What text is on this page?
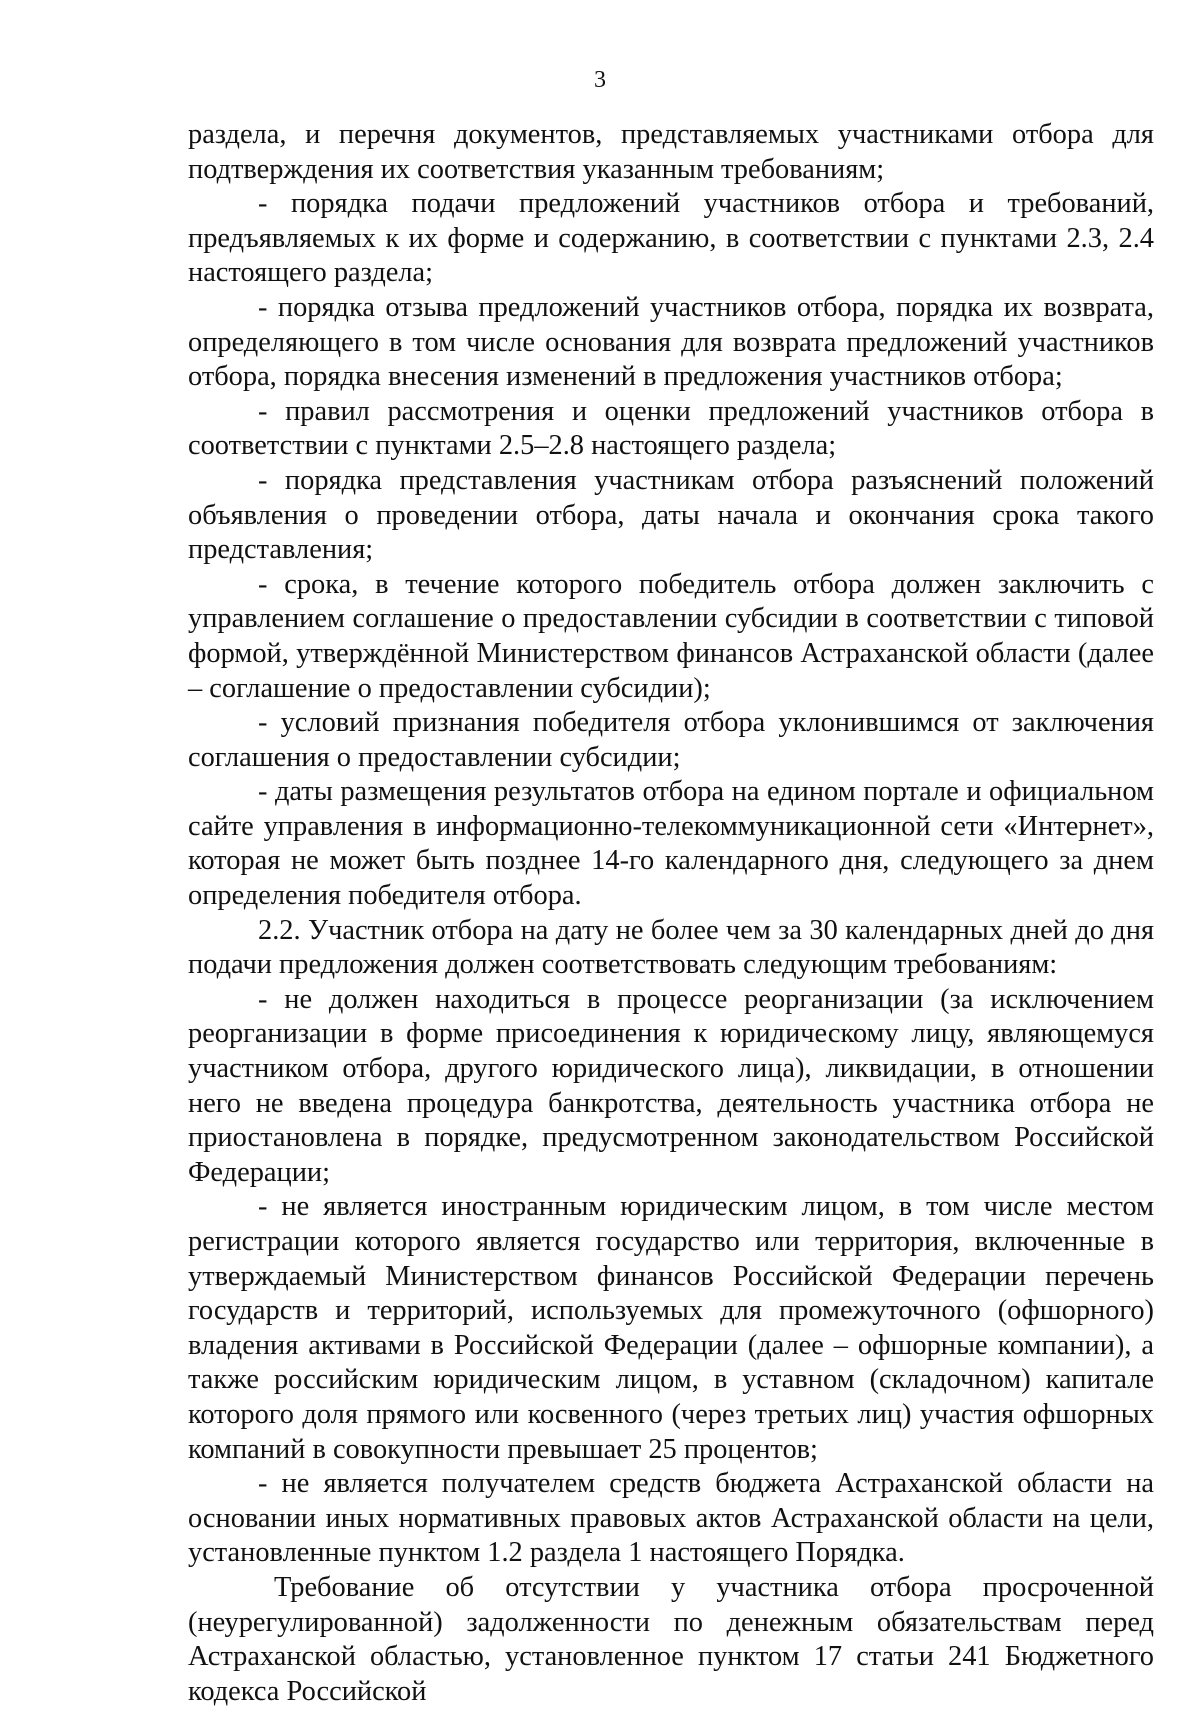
3

раздела, и перечня документов, представляемых участниками отбора для подтверждения их соответствия указанным требованиям;

- порядка подачи предложений участников отбора и требований, предъявляемых к их форме и содержанию, в соответствии с пунктами 2.3, 2.4 настоящего раздела;

- порядка отзыва предложений участников отбора, порядка их возврата, определяющего в том числе основания для возврата предложений участников отбора, порядка внесения изменений в предложения участников отбора;

- правил рассмотрения и оценки предложений участников отбора в соответствии с пунктами 2.5–2.8 настоящего раздела;

- порядка представления участникам отбора разъяснений положений объявления о проведении отбора, даты начала и окончания срока такого представления;

- срока, в течение которого победитель отбора должен заключить с управлением соглашение о предоставлении субсидии в соответствии с типовой формой, утверждённой Министерством финансов Астраханской области (далее – соглашение о предоставлении субсидии);

- условий признания победителя отбора уклонившимся от заключения соглашения о предоставлении субсидии;

- даты размещения результатов отбора на едином портале и официальном сайте управления в информационно-телекоммуникационной сети «Интернет», которая не может быть позднее 14-го календарного дня, следующего за днем определения победителя отбора.

2.2. Участник отбора на дату не более чем за 30 календарных дней до дня подачи предложения должен соответствовать следующим требованиям:

- не должен находиться в процессе реорганизации (за исключением реорганизации в форме присоединения к юридическому лицу, являющемуся участником отбора, другого юридического лица), ликвидации, в отношении него не введена процедура банкротства, деятельность участника отбора не приостановлена в порядке, предусмотренном законодательством Российской Федерации;

- не является иностранным юридическим лицом, в том числе местом регистрации которого является государство или территория, включенные в утверждаемый Министерством финансов Российской Федерации перечень государств и территорий, используемых для промежуточного (офшорного) владения активами в Российской Федерации (далее – офшорные компании), а также российским юридическим лицом, в уставном (складочном) капитале которого доля прямого или косвенного (через третьих лиц) участия офшорных компаний в совокупности превышает 25 процентов;

- не является получателем средств бюджета Астраханской области на основании иных нормативных правовых актов Астраханской области на цели, установленные пунктом 1.2 раздела 1 настоящего Порядка.

Требование об отсутствии у участника отбора просроченной (неурегулированной) задолженности по денежным обязательствам перед Астраханской областью, установленное пунктом 17 статьи 241 Бюджетного кодекса Российской
